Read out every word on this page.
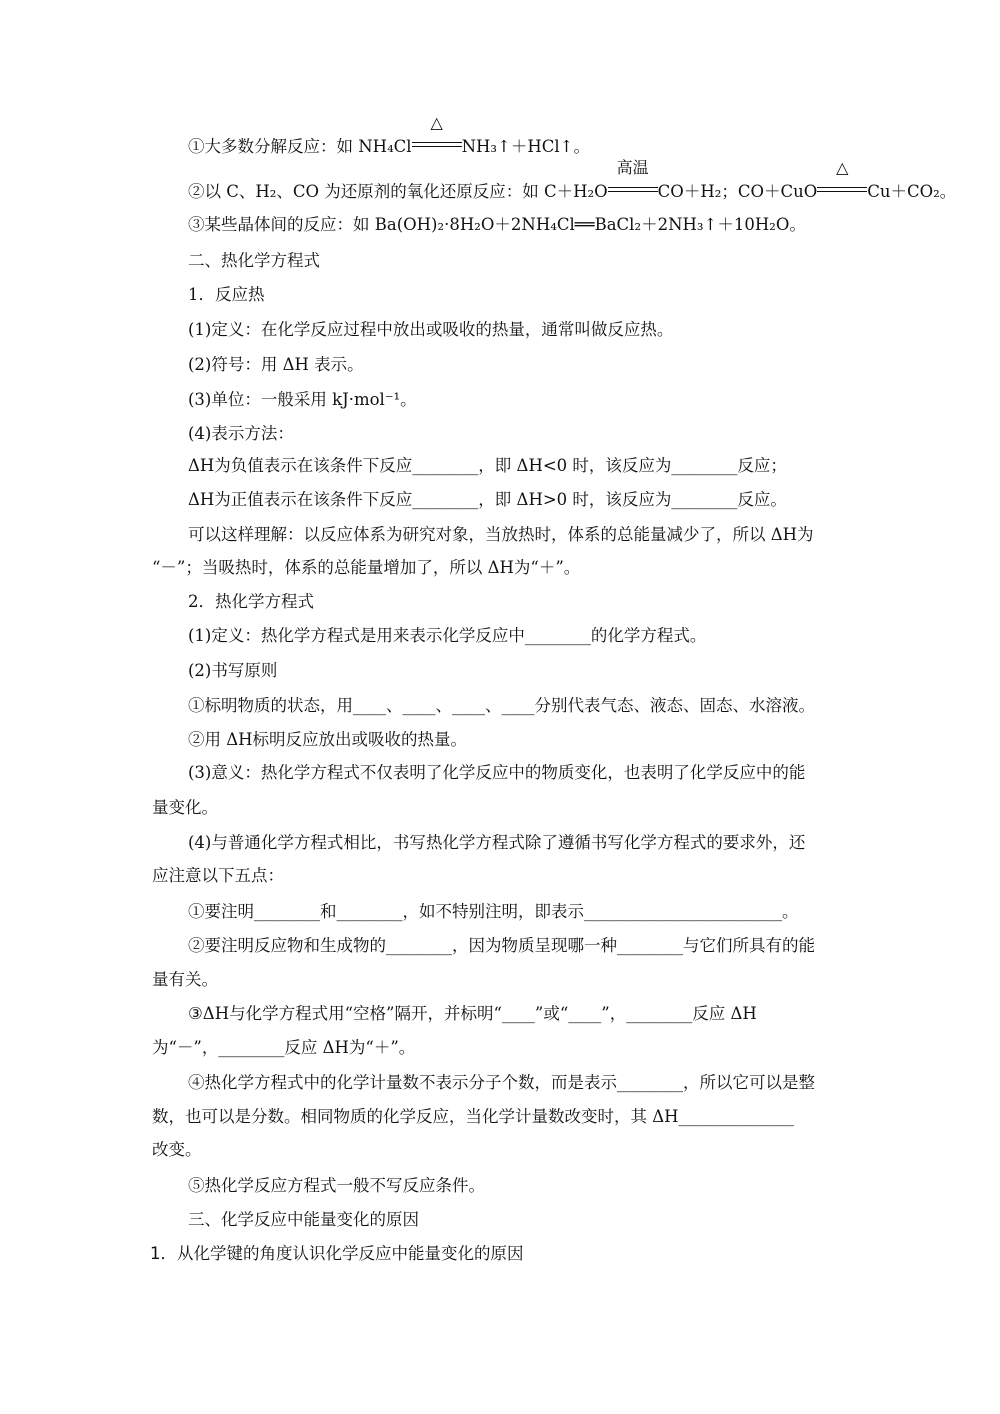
①大多数分解反应：如 NH₄Cl
△
NH₃↑＋HCl↑。
②以 C、H₂、CO 为还原剂的氧化还原反应：如 C＋H₂O
高温
CO＋H₂；CO＋CuO
△
Cu＋CO₂。
③某些晶体间的反应：如 Ba(OH)₂·8H₂O＋2NH₄Cl══BaCl₂＋2NH₃↑＋10H₂O。
二、热化学方程式
1．反应热
(1)定义：在化学反应过程中放出或吸收的热量，通常叫做反应热。
(2)符号：用 ΔH 表示。
(3)单位：一般采用 kJ·mol⁻¹。
(4)表示方法：
ΔH为负值表示在该条件下反应________，即 ΔH<0 时，该反应为________反应；
ΔH为正值表示在该条件下反应________，即 ΔH>0 时，该反应为________反应。
可以这样理解：以反应体系为研究对象，当放热时，体系的总能量减少了，所以 ΔH为
“－”；当吸热时，体系的总能量增加了，所以 ΔH为“＋”。
2．热化学方程式
(1)定义：热化学方程式是用来表示化学反应中________的化学方程式。
(2)书写原则
①标明物质的状态，用____、____、____、____分别代表气态、液态、固态、水溶液。
②用 ΔH标明反应放出或吸收的热量。
(3)意义：热化学方程式不仅表明了化学反应中的物质变化，也表明了化学反应中的能
量变化。
(4)与普通化学方程式相比，书写热化学方程式除了遵循书写化学方程式的要求外，还
应注意以下五点：
①要注明________和________，如不特别注明，即表示________________________。
②要注明反应物和生成物的________，因为物质呈现哪一种________与它们所具有的能
量有关。
③ΔH与化学方程式用“空格”隔开，并标明“____”或“____”，________反应 ΔH
为“－”，________反应 ΔH为“＋”。
④热化学方程式中的化学计量数不表示分子个数，而是表示________，所以它可以是整
数，也可以是分数。相同物质的化学反应，当化学计量数改变时，其 ΔH______________
改变。
⑤热化学反应方程式一般不写反应条件。
三、化学反应中能量变化的原因
1．从化学键的角度认识化学反应中能量变化的原因
